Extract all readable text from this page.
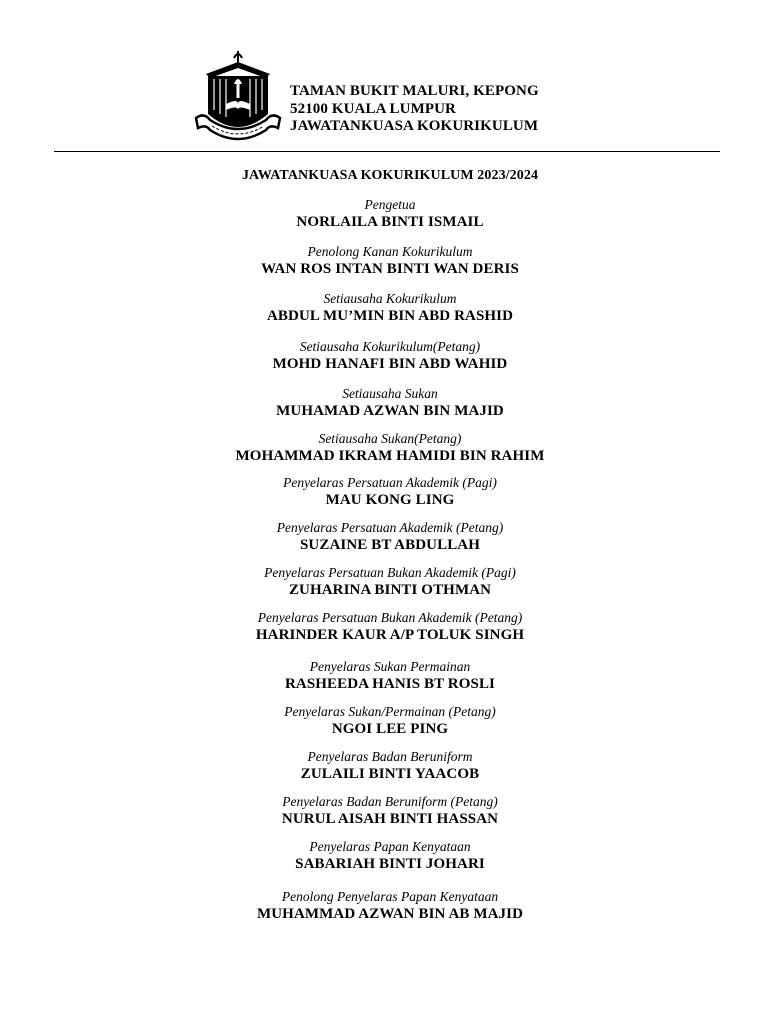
TAMAN BUKIT MALURI, KEPONG
52100 KUALA LUMPUR
JAWATANKUASA KOKURIKULUM
JAWATANKUASA KOKURIKULUM 2023/2024
Pengetua
NORLAILA BINTI ISMAIL
Penolong Kanan Kokurikulum
WAN ROS INTAN BINTI WAN DERIS
Setiausaha Kokurikulum
ABDUL MU’MIN BIN ABD RASHID
Setiausaha Kokurikulum(Petang)
MOHD HANAFI BIN ABD WAHID
Setiausaha Sukan
MUHAMAD AZWAN BIN MAJID
Setiausaha Sukan(Petang)
MOHAMMAD IKRAM HAMIDI BIN RAHIM
Penyelaras Persatuan Akademik (Pagi)
MAU KONG LING
Penyelaras Persatuan Akademik (Petang)
SUZAINE BT ABDULLAH
Penyelaras Persatuan Bukan Akademik (Pagi)
ZUHARINA BINTI OTHMAN
Penyelaras Persatuan Bukan Akademik (Petang)
HARINDER KAUR A/P TOLUK SINGH
Penyelaras Sukan Permainan
RASHEEDA HANIS BT ROSLI
Penyelaras Sukan/Permainan (Petang)
NGOI LEE PING
Penyelaras Badan Beruniform
ZULAILI BINTI YAACOB
Penyelaras Badan Beruniform (Petang)
NURUL AISAH BINTI HASSAN
Penyelaras Papan Kenyataan
SABARIAH BINTI JOHARI
Penolong Penyelaras Papan Kenyataan
MUHAMMAD AZWAN BIN AB MAJID
